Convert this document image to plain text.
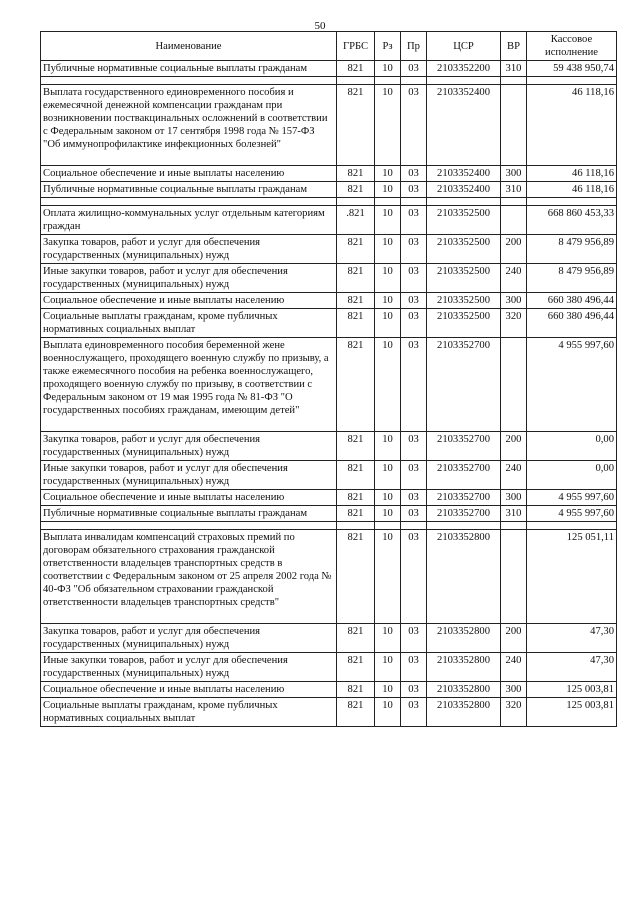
50
Наименование	ГРБС	Рз	Пр	ЦСР	ВР	Кассовое исполнение
Публичные нормативные социальные выплаты гражданам	821	10	03	2103352200	310	59 438 950,74

Выплата государственного единовременного пособия и ежемесячной денежной компенсации гражданам при возникновении поствакцинальных осложнений в соответствии с Федеральным законом от 17 сентября 1998 года № 157-ФЗ "Об иммунопрофилактике инфекционных болезней"	821	10	03	2103352400		46 118,16
Социальное обеспечение и иные выплаты населению	821	10	03	2103352400	300	46 118,16
Публичные нормативные социальные выплаты гражданам	821	10	03	2103352400	310	46 118,16

Оплата жилищно-коммунальных услуг отдельным категориям граждан	.821	10	03	2103352500		668 860 453,33
Закупка товаров, работ и услуг для обеспечения государственных (муниципальных) нужд	821	10	03	2103352500	200	8 479 956,89
Иные закупки товаров, работ и услуг для обеспечения государственных (муниципальных) нужд	821	10	03	2103352500	240	8 479 956,89
Социальное обеспечение и иные выплаты населению	821	10	03	2103352500	300	660 380 496,44
Социальные выплаты гражданам, кроме публичных нормативных социальных выплат	821	10	03	2103352500	320	660 380 496,44
Выплата единовременного пособия беременной жене военнослужащего, проходящего военную службу по призыву, а также ежемесячного пособия на ребенка военнослужащего, проходящего военную службу по призыву, в соответствии с Федеральным законом от 19 мая 1995 года № 81-ФЗ "О государственных пособиях гражданам, имеющим детей"	821	10	03	2103352700		4 955 997,60
Закупка товаров, работ и услуг для обеспечения государственных (муниципальных) нужд	821	10	03	2103352700	200	0,00
Иные закупки товаров, работ и услуг для обеспечения государственных (муниципальных) нужд	821	10	03	2103352700	240	0,00
Социальное обеспечение и иные выплаты населению	821	10	03	2103352700	300	4 955 997,60
Публичные нормативные социальные выплаты гражданам	821	10	03	2103352700	310	4 955 997,60

Выплата инвалидам компенсаций страховых премий по договорам обязательного страхования гражданской ответственности владельцев транспортных средств в соответствии с Федеральным законом от 25 апреля 2002 года № 40-ФЗ "Об обязательном страховании гражданской ответственности владельцев транспортных средств"	821	10	03	2103352800		125 051,11
Закупка товаров, работ и услуг для обеспечения государственных (муниципальных) нужд	821	10	03	2103352800	200	47,30
Иные закупки товаров, работ и услуг для обеспечения государственных (муниципальных) нужд	821	10	03	2103352800	240	47,30
Социальное обеспечение и иные выплаты населению	821	10	03	2103352800	300	125 003,81
Социальные выплаты гражданам, кроме публичных нормативных социальных выплат	821	10	03	2103352800	320	125 003,81
